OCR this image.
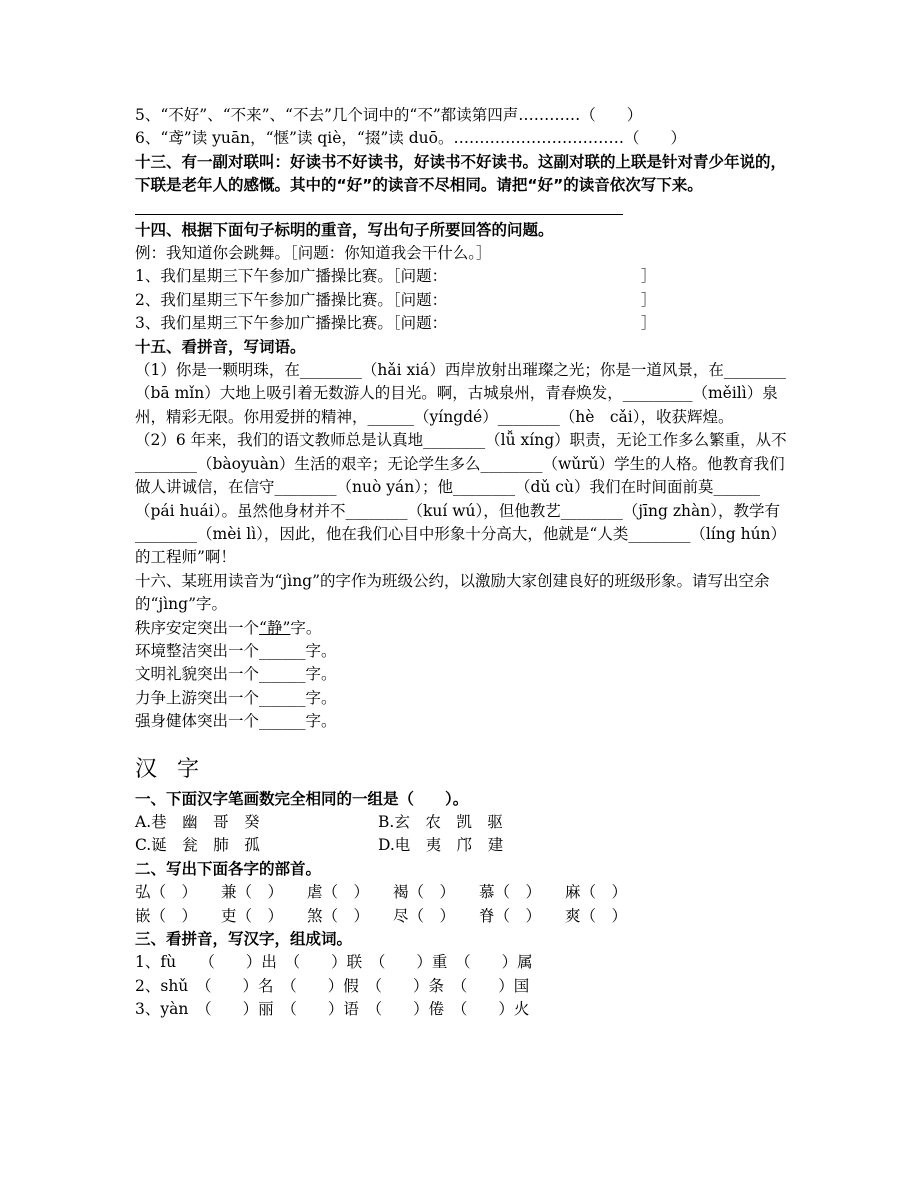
5、“不好”、“不来”、“不去”几个词中的“不”都读第四声…………（　　）
6、“鸢”读 yuān，“惬”读 qiè，“掇”读 duō。……………………………（　　）
十三、有一副对联叫：好读书不好读书，好读书不好读书。这副对联的上联是针对青少年说的，下联是老年人的感慨。其中的“好”的读音不尽相同。请把“好”的读音依次写下来。
十四、根据下面句子标明的重音，写出句子所要回答的问题。
例：我知道你会跳舞。［问题：你知道我会干什么。］
1、我们星期三下午参加广播操比赛。［问题：　　　　　　　　　　　　　］
2、我们星期三下午参加广播操比赛。［问题：　　　　　　　　　　　　　］
3、我们星期三下午参加广播操比赛。［问题：　　　　　　　　　　　　　］
十五、看拼音，写词语。
（1）你是一颗明珠，在________（hǎi xiá）西岸放射出璀璨之光；你是一道风景，在________（bā mǐn）大地上吸引着无数游人的目光。啊，古城泉州，青春焕发，_________（měilì）泉州，精彩无限。你用爱拼的精神，______（yíngdé）________（hè　cǎi），收获辉煌。
（2）6 年来，我们的语文教师总是认真地________（lǚ xíng）职责，无论工作多么繁重，从不________（bàoyuàn）生活的艰辛；无论学生多么________（wǔrǔ）学生的人格。他教育我们做人讲诚信，在信守________（nuò yán）；他________（dǔ cù）我们在时间面前莫______（pái huái）。虽然他身材并不________（kuí wú），但他教艺________（jīng zhàn），教学有________（mèi lì），因此，他在我们心目中形象十分高大，他就是“人类________（líng hún）的工程师”啊！
十六、某班用读音为“jìng”的字作为班级公约，以激励大家创建良好的班级形象。请写出空余的“jìng”字。
秩序安定突出一个“静”字。
环境整洁突出一个______字。
文明礼貌突出一个______字。
力争上游突出一个______字。
强身健体突出一个______字。
汉字
一、下面汉字笔画数完全相同的一组是（　　）。
A.巷　幽　哥　癸	B.玄　农　凯　驱
C.诞　瓮　肺　孤	D.电　夷　邝　建
二、写出下面各字的部首。
弘（　）	兼（　）	虐（　）	褐（　）	慕（　）	麻（　）
嵌（　）	吏（　）	煞（　）	尽（　）	脊（　）	爽（　）
三、看拼音，写汉字，组成词。
1、fù　　（　　）出　（　　）联　（　　）重　（　　）属
2、shǔ　（　　）名　（　　）假　（　　）条　（　　）国
3、yàn　（　　）丽　（　　）语　（　　）倦　（　　）火
